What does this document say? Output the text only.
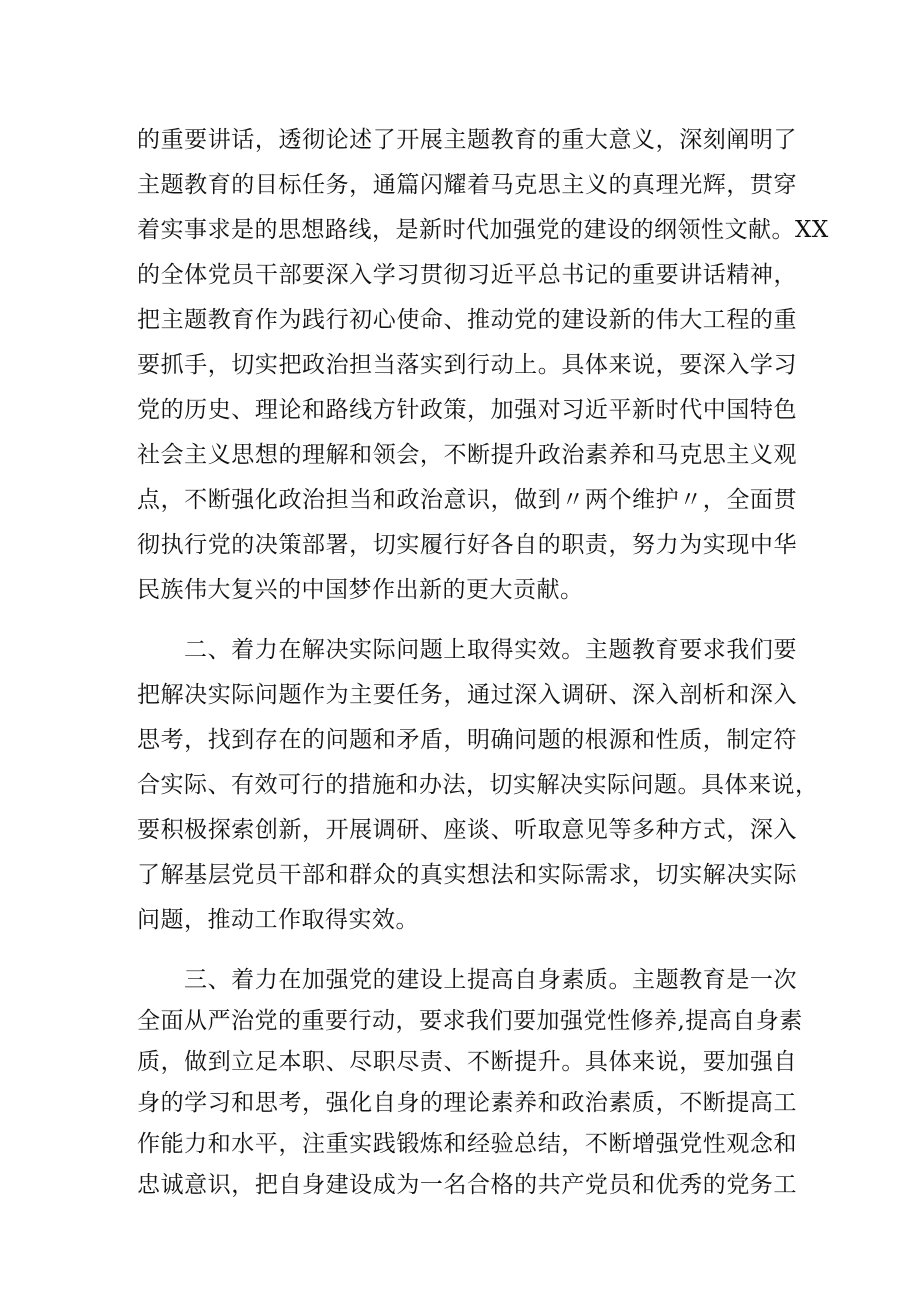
的重要讲话，透彻论述了开展主题教育的重大意义，深刻阐明了
主题教育的目标任务，通篇闪耀着马克思主义的真理光辉，贯穿
着实事求是的思想路线，是新时代加强党的建设的纲领性文献。XX
的全体党员干部要深入学习贯彻习近平总书记的重要讲话精神，
把主题教育作为践行初心使命、推动党的建设新的伟大工程的重
要抓手，切实把政治担当落实到行动上。具体来说，要深入学习
党的历史、理论和路线方针政策，加强对习近平新时代中国特色
社会主义思想的理解和领会，不断提升政治素养和马克思主义观
点，不断强化政治担当和政治意识，做到〃两个维护〃，全面贯
彻执行党的决策部署，切实履行好各自的职责，努力为实现中华
民族伟大复兴的中国梦作出新的更大贡献。
二、着力在解决实际问题上取得实效。主题教育要求我们要
把解决实际问题作为主要任务，通过深入调研、深入剖析和深入
思考，找到存在的问题和矛盾，明确问题的根源和性质，制定符
合实际、有效可行的措施和办法，切实解决实际问题。具体来说，
要积极探索创新，开展调研、座谈、听取意见等多种方式，深入
了解基层党员干部和群众的真实想法和实际需求，切实解决实际
问题，推动工作取得实效。
三、着力在加强党的建设上提高自身素质。主题教育是一次
全面从严治党的重要行动，要求我们要加强党性修养,提高自身素
质，做到立足本职、尽职尽责、不断提升。具体来说，要加强自
身的学习和思考，强化自身的理论素养和政治素质，不断提高工
作能力和水平，注重实践锻炼和经验总结，不断增强党性观念和
忠诚意识，把自身建设成为一名合格的共产党员和优秀的党务工
